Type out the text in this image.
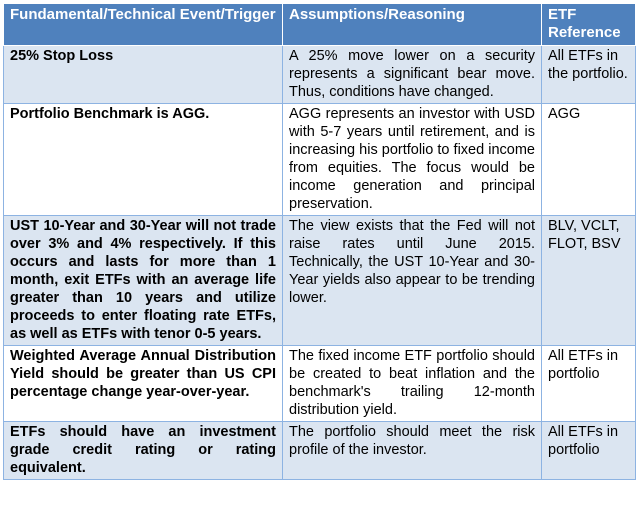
Fundamental/Technical Event/Trigger	Assumptions/Reasoning	ETF Reference
25% Stop Loss	A 25% move lower on a security represents a significant bear move. Thus, conditions have changed.	All ETFs in the portfolio.
Portfolio Benchmark is AGG.	AGG represents an investor with USD with 5-7 years until retirement, and is increasing his portfolio to fixed income from equities. The focus would be income generation and principal preservation.	AGG
UST 10-Year and 30-Year will not trade over 3% and 4% respectively. If this occurs and lasts for more than 1 month, exit ETFs with an average life greater than 10 years and utilize proceeds to enter floating rate ETFs, as well as ETFs with tenor 0-5 years.	The view exists that the Fed will not raise rates until June 2015. Technically, the UST 10-Year and 30-Year yields also appear to be trending lower.	BLV, VCLT, FLOT, BSV
Weighted Average Annual Distribution Yield should be greater than US CPI percentage change year-over-year.	The fixed income ETF portfolio should be created to beat inflation and the benchmark's trailing 12-month distribution yield.	All ETFs in portfolio
ETFs should have an investment grade credit rating or rating equivalent.	The portfolio should meet the risk profile of the investor.	All ETFs in portfolio
